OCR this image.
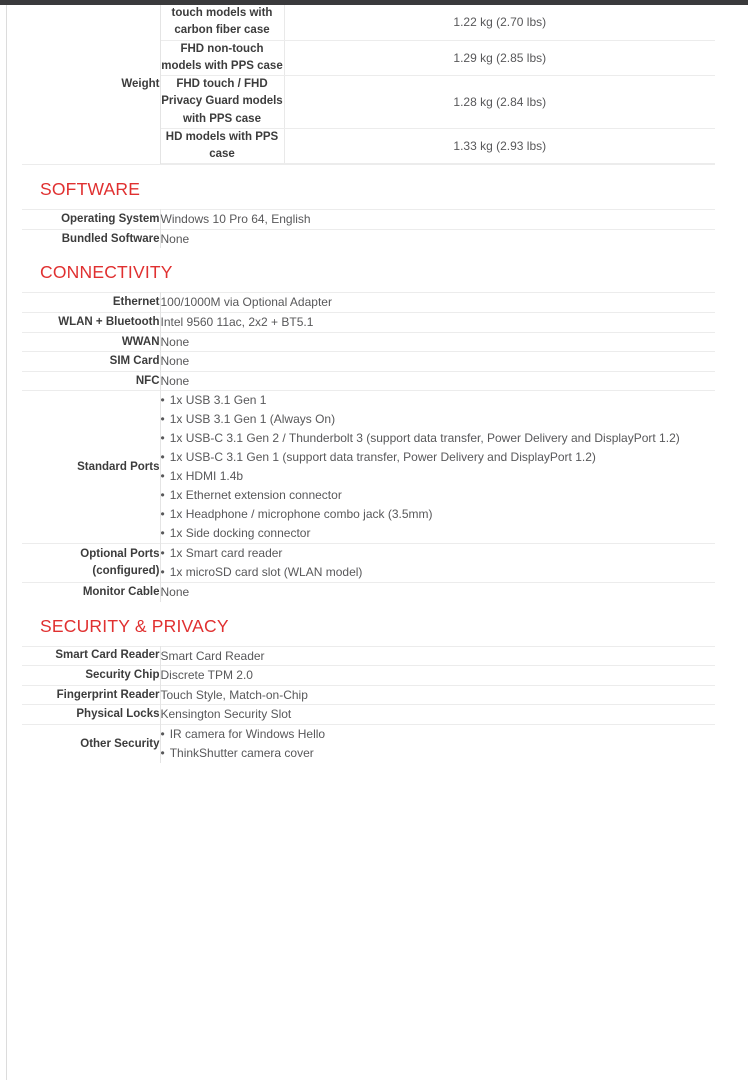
Weight	touch models with carbon fiber case	1.22 kg (2.70 lbs)
	FHD non-touch models with PPS case	1.29 kg (2.85 lbs)
	FHD touch / FHD Privacy Guard models with PPS case	1.28 kg (2.84 lbs)
	HD models with PPS case	1.33 kg (2.93 lbs)
SOFTWARE
Operating System	Windows 10 Pro 64, English
Bundled Software	None
CONNECTIVITY
Ethernet	100/1000M via Optional Adapter
WLAN + Bluetooth	Intel 9560 11ac, 2x2 + BT5.1
WWAN	None
SIM Card	None
NFC	None
Standard Ports	
• 1x USB 3.1 Gen 1
• 1x USB 3.1 Gen 1 (Always On)
• 1x USB-C 3.1 Gen 2 / Thunderbolt 3 (support data transfer, Power Delivery and DisplayPort 1.2)
• 1x USB-C 3.1 Gen 1 (support data transfer, Power Delivery and DisplayPort 1.2)
• 1x HDMI 1.4b
• 1x Ethernet extension connector
• 1x Headphone / microphone combo jack (3.5mm)
• 1x Side docking connector

Optional Ports (configured)	
• 1x Smart card reader
• 1x microSD card slot (WLAN model)

Monitor Cable	None
SECURITY & PRIVACY
Smart Card Reader	Smart Card Reader
Security Chip	Discrete TPM 2.0
Fingerprint Reader	Touch Style, Match-on-Chip
Physical Locks	Kensington Security Slot
Other Security	
• IR camera for Windows Hello
• ThinkShutter camera cover
